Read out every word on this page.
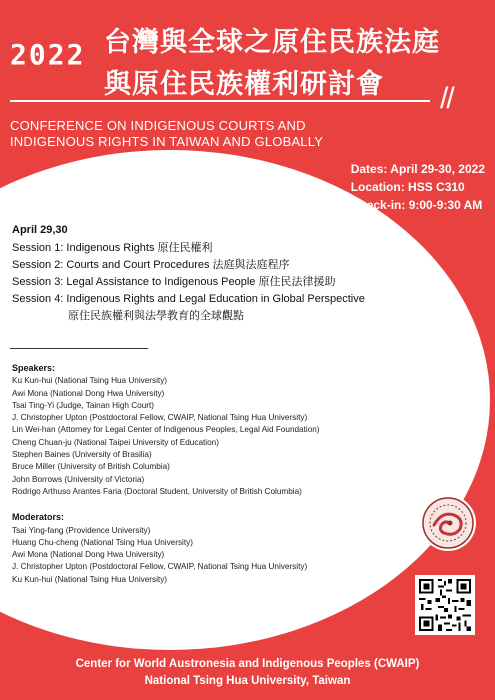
2022 台灣與全球之原住民族法庭
與原住民族權利研討會	//
CONFERENCE ON INDIGENOUS COURTS AND
INDIGENOUS RIGHTS IN TAIWAN AND GLOBALLY
Dates: April 29-30, 2022
Location: HSS C310
Check-in: 9:00-9:30 AM
April 29,30
Session 1: Indigenous Rights 原住民權利
Session 2: Courts and Court Procedures 法庭與法庭程序
Session 3: Legal Assistance to Indigenous People 原住民法律援助
Session 4: Indigenous Rights and Legal Education in Global Perspective
原住民族權利與法學教育的全球觀點
Speakers:
Ku Kun-hui (National Tsing Hua University)
Awi Mona (National Dong Hwa University)
Tsai Ting-Yi (Judge, Tainan High Court)
J. Christopher Upton (Postdoctoral Fellow, CWAIP, National Tsing Hua University)
Lin Wei-han (Attorney for Legal Center of Indigenous Peoples, Legal Aid Foundation)
Cheng Chuan-ju (National Taipei University of Education)
Stephen Baines (University of Brasilia)
Bruce Miller (University of British Columbia)
John Borrows (University of Victoria)
Rodrigo Arthuso Arantes Faria (Doctoral Student, University of British Columbia)
Moderators:
Tsai Ying-fang (Providence University)
Huang Chu-cheng (National Tsing Hua University)
Awi Mona (National Dong Hwa University)
J. Christopher Upton (Postdoctoral Fellow, CWAIP, National Tsing Hua University)
Ku Kun-hui (National Tsing Hua University)
Center for World Austronesia and Indigenous Peoples (CWAIP)
National Tsing Hua University, Taiwan
